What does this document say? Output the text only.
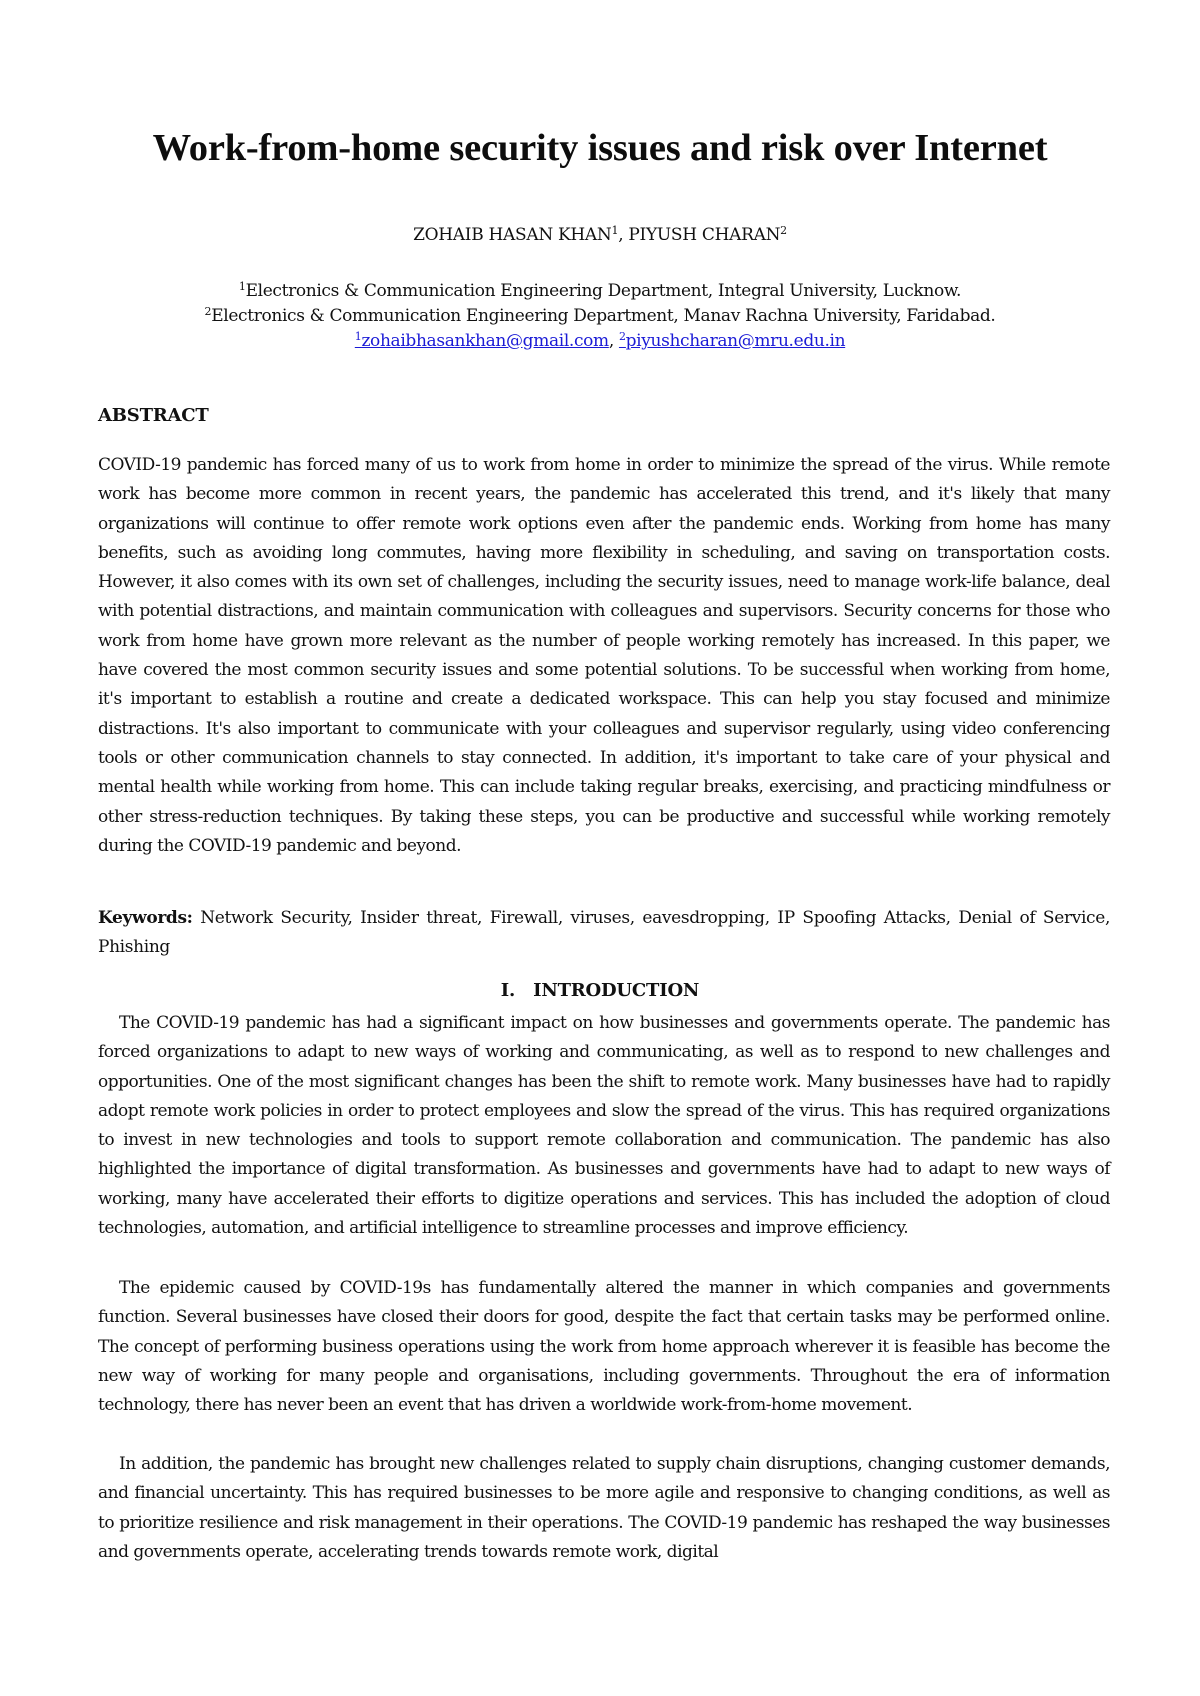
Work-from-home security issues and risk over Internet
ZOHAIB HASAN KHAN$^1$, PIYUSH CHARAN$^2$
$^1$Electronics & Communication Engineering Department, Integral University, Lucknow.
$^2$Electronics & Communication Engineering Department, Manav Rachna University, Faridabad.
$^1$zohaibhasankhan@gmail.com, $^2$piyushcharan@mru.edu.in
ABSTRACT

COVID-19 pandemic has forced many of us to work from home in order to minimize the spread of the virus. While remote work has become more common in recent years, the pandemic has accelerated this trend, and it's likely that many organizations will continue to offer remote work options even after the pandemic ends. Working from home has many benefits, such as avoiding long commutes, having more flexibility in scheduling, and saving on transportation costs. However, it also comes with its own set of challenges, including the security issues, need to manage work-life balance, deal with potential distractions, and maintain communication with colleagues and supervisors. Security concerns for those who work from home have grown more relevant as the number of people working remotely has increased. In this paper, we have covered the most common security issues and some potential solutions. To be successful when working from home, it's important to establish a routine and create a dedicated workspace. This can help you stay focused and minimize distractions. It's also important to communicate with your colleagues and supervisor regularly, using video conferencing tools or other communication channels to stay connected. In addition, it's important to take care of your physical and mental health while working from home. This can include taking regular breaks, exercising, and practicing mindfulness or other stress-reduction techniques. By taking these steps, you can be productive and successful while working remotely during the COVID-19 pandemic and beyond.

Keywords: Network Security, Insider threat, Firewall, viruses, eavesdropping, IP Spoofing Attacks, Denial of Service, Phishing

I. INTRODUCTION

The COVID-19 pandemic has had a significant impact on how businesses and governments operate. The pandemic has forced organizations to adapt to new ways of working and communicating, as well as to respond to new challenges and opportunities. One of the most significant changes has been the shift to remote work. Many businesses have had to rapidly adopt remote work policies in order to protect employees and slow the spread of the virus. This has required organizations to invest in new technologies and tools to support remote collaboration and communication. The pandemic has also highlighted the importance of digital transformation. As businesses and governments have had to adapt to new ways of working, many have accelerated their efforts to digitize operations and services. This has included the adoption of cloud technologies, automation, and artificial intelligence to streamline processes and improve efficiency.

The epidemic caused by COVID-19s has fundamentally altered the manner in which companies and governments function. Several businesses have closed their doors for good, despite the fact that certain tasks may be performed online. The concept of performing business operations using the work from home approach wherever it is feasible has become the new way of working for many people and organisations, including governments. Throughout the era of information technology, there has never been an event that has driven a worldwide work-from-home movement.

In addition, the pandemic has brought new challenges related to supply chain disruptions, changing customer demands, and financial uncertainty. This has required businesses to be more agile and responsive to changing conditions, as well as to prioritize resilience and risk management in their operations. The COVID-19 pandemic has reshaped the way businesses and governments operate, accelerating trends towards remote work, digital
